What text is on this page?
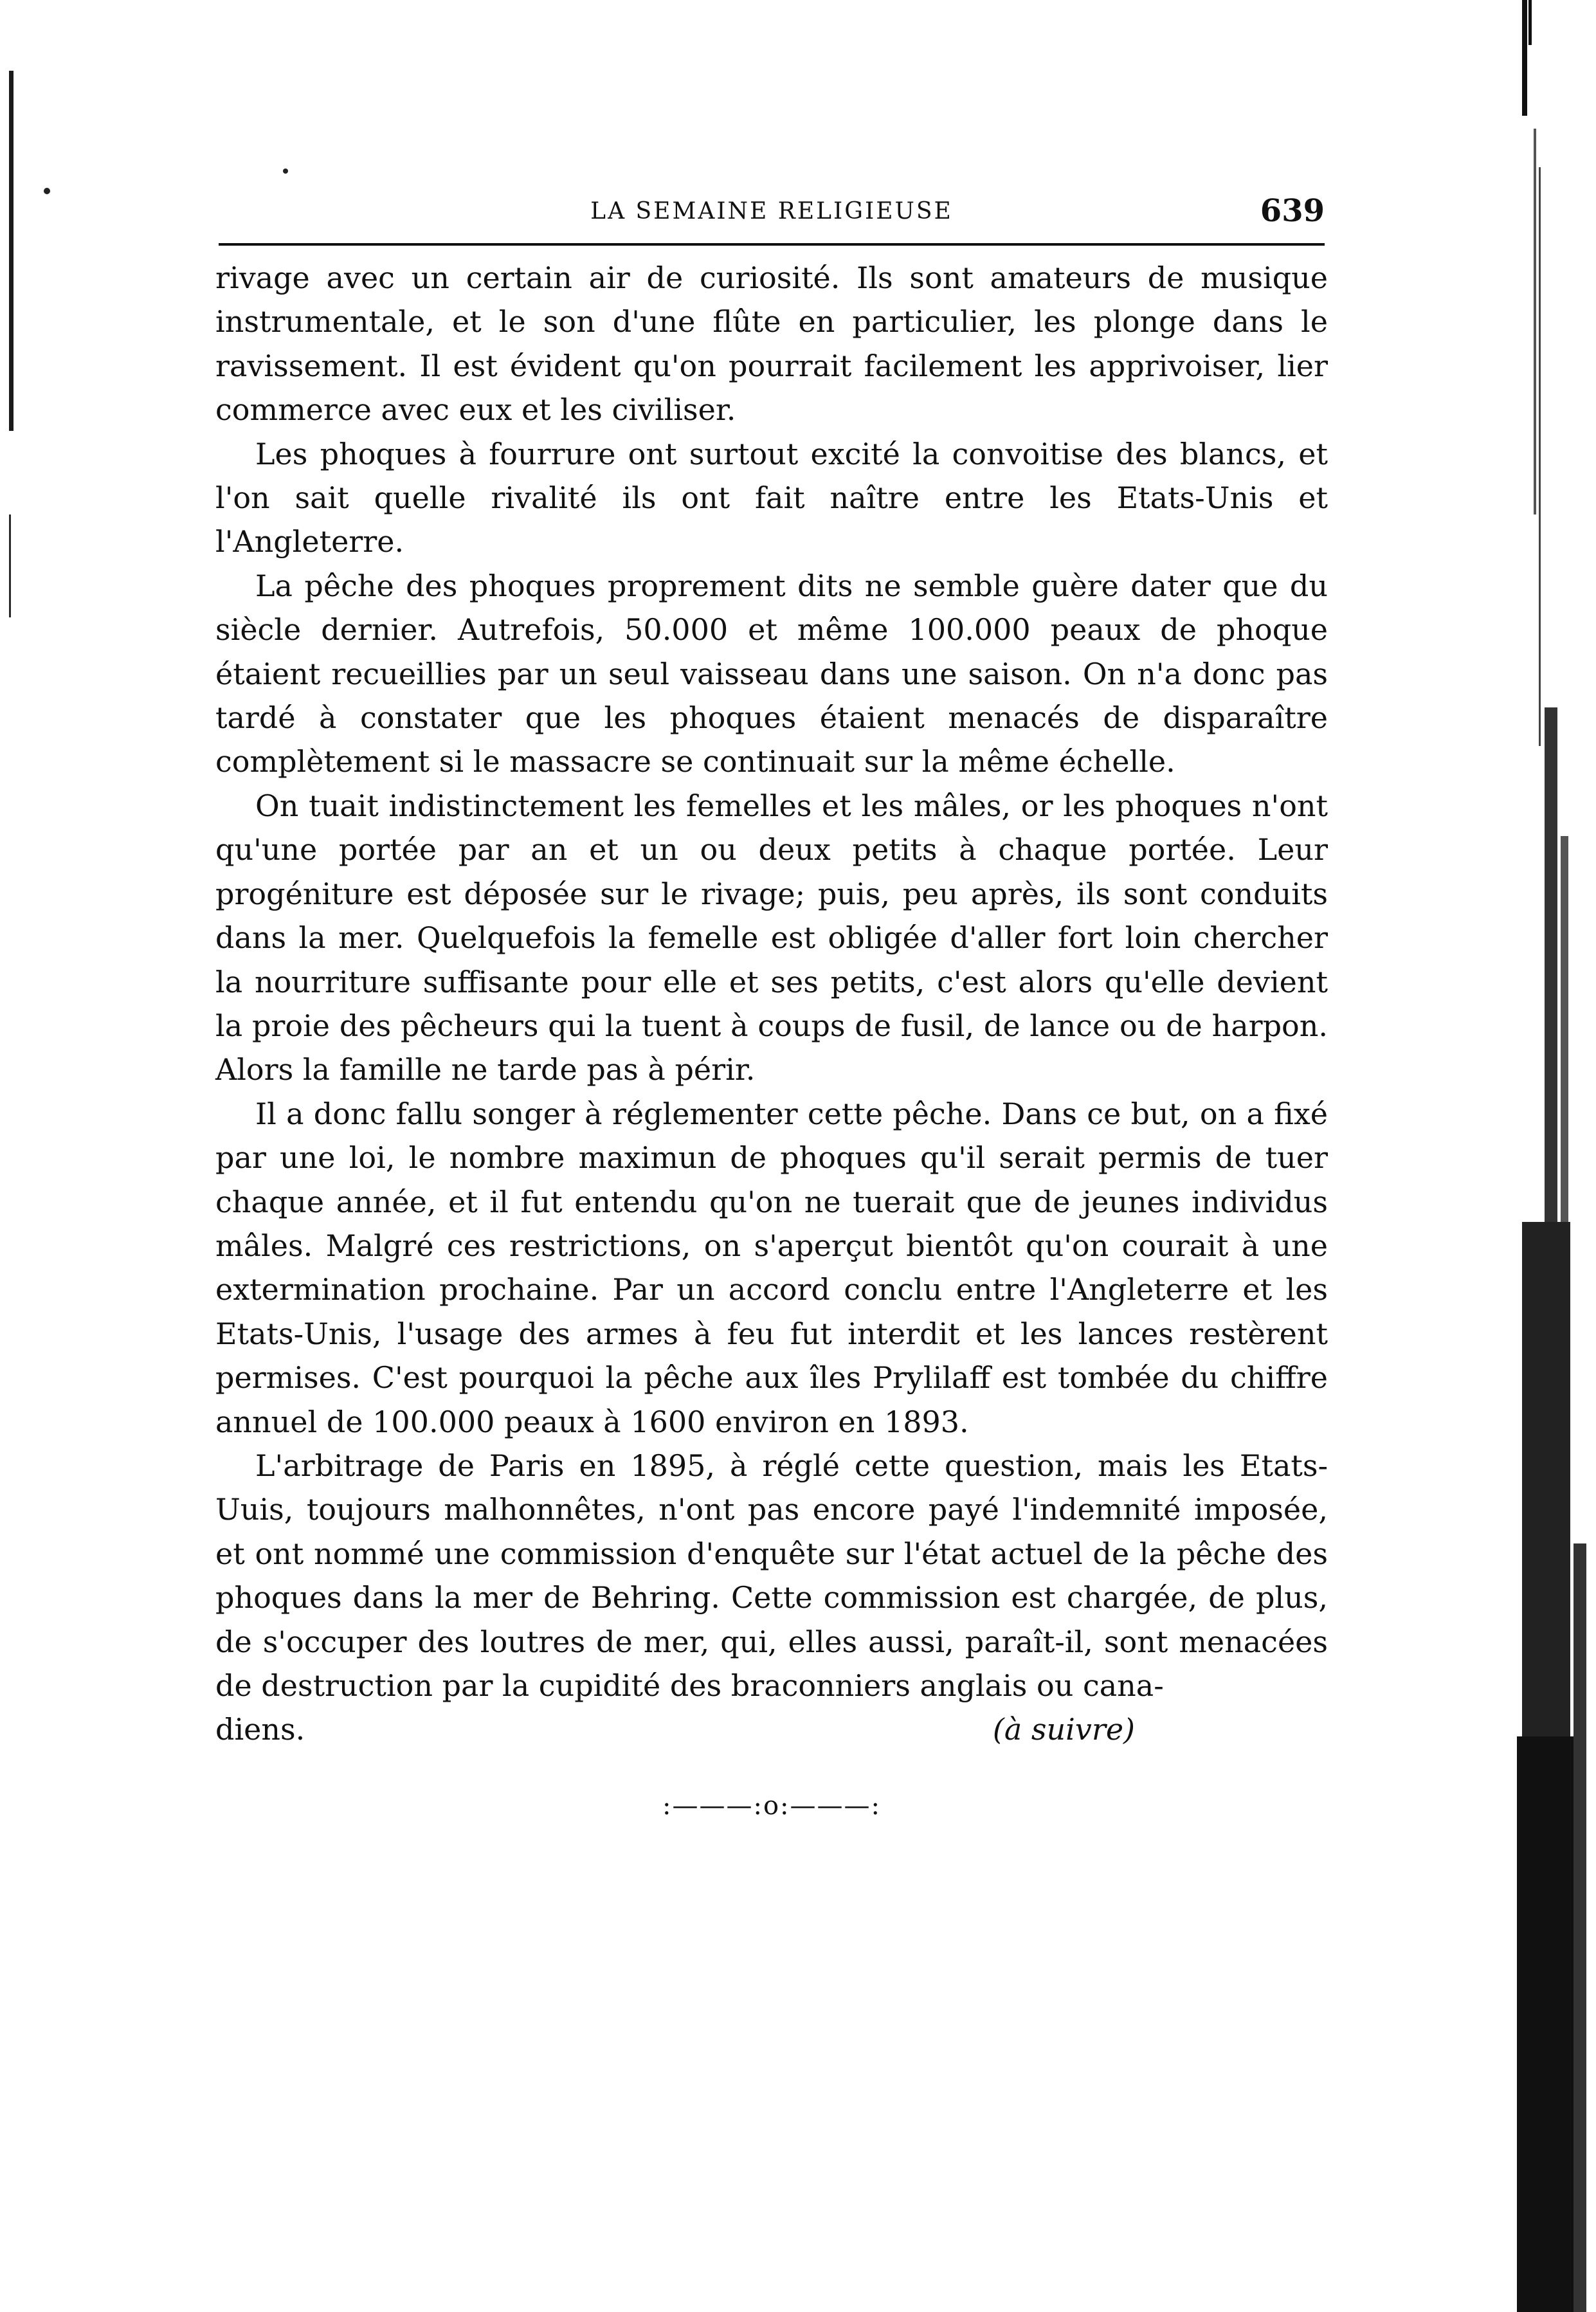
LA SEMAINE RELIGIEUSE	639

rivage avec un certain air de curiosité. Ils sont amateurs de musique instrumentale, et le son d'une flûte en particulier, les plonge dans le ravissement. Il est évident qu'on pourrait facilement les apprivoiser, lier commerce avec eux et les civiliser.

Les phoques à fourrure ont surtout excité la convoitise des blancs, et l'on sait quelle rivalité ils ont fait naître entre les Etats-Unis et l'Angleterre.

La pêche des phoques proprement dits ne semble guère dater que du siècle dernier. Autrefois, 50.000 et même 100.000 peaux de phoque étaient recueillies par un seul vaisseau dans une saison. On n'a donc pas tardé à constater que les phoques étaient menacés de disparaître complètement si le massacre se continuait sur la même échelle.

On tuait indistinctement les femelles et les mâles, or les phoques n'ont qu'une portée par an et un ou deux petits à chaque portée. Leur progéniture est déposée sur le rivage; puis, peu après, ils sont conduits dans la mer. Quelquefois la femelle est obligée d'aller fort loin chercher la nourriture suffisante pour elle et ses petits, c'est alors qu'elle devient la proie des pêcheurs qui la tuent à coups de fusil, de lance ou de harpon. Alors la famille ne tarde pas à périr.

Il a donc fallu songer à réglementer cette pêche. Dans ce but, on a fixé par une loi, le nombre maximun de phoques qu'il serait permis de tuer chaque année, et il fut entendu qu'on ne tuerait que de jeunes individus mâles. Malgré ces restrictions, on s'aperçut bientôt qu'on courait à une extermination prochaine. Par un accord conclu entre l'Angleterre et les Etats-Unis, l'usage des armes à feu fut interdit et les lances restèrent permises. C'est pourquoi la pêche aux îles Prylilaff est tombée du chiffre annuel de 100.000 peaux à 1600 environ en 1893.

L'arbitrage de Paris en 1895, à réglé cette question, mais les Etats-Uuis, toujours malhonnêtes, n'ont pas encore payé l'indemnité imposée, et ont nommé une commission d'enquête sur l'état actuel de la pêche des phoques dans la mer de Behring. Cette commission est chargée, de plus, de s'occuper des loutres de mer, qui, elles aussi, paraît-il, sont menacées de destruction par la cupidité des braconniers anglais ou cana-

diens.	(à suivre)
:———:o:———:
